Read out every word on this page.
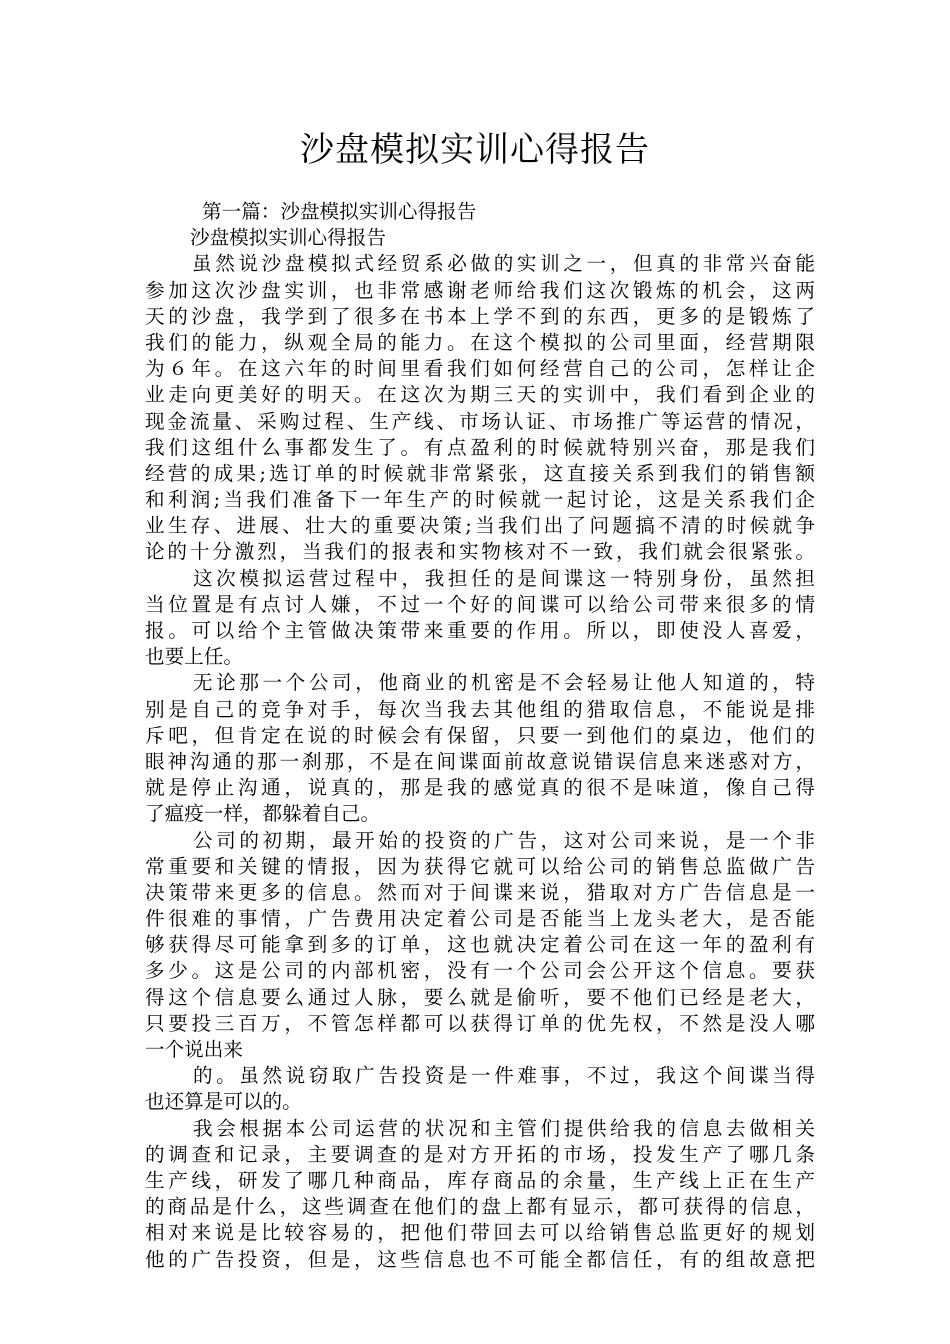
沙盘模拟实训心得报告
第一篇：沙盘模拟实训心得报告
沙盘模拟实训心得报告
虽然说沙盘模拟式经贸系必做的实训之一，但真的非常兴奋能
参加这次沙盘实训，也非常感谢老师给我们这次锻炼的机会，这两
天的沙盘，我学到了很多在书本上学不到的东西，更多的是锻炼了
我们的能力，纵观全局的能力。在这个模拟的公司里面，经营期限
为６年。在这六年的时间里看我们如何经营自己的公司，怎样让企
业走向更美好的明天。在这次为期三天的实训中，我们看到企业的
现金流量、采购过程、生产线、市场认证、市场推广等运营的情况，
我们这组什么事都发生了。有点盈利的时候就特别兴奋，那是我们
经营的成果;选订单的时候就非常紧张，这直接关系到我们的销售额
和利润;当我们准备下一年生产的时候就一起讨论，这是关系我们企
业生存、进展、壮大的重要决策;当我们出了问题搞不清的时候就争
论的十分激烈，当我们的报表和实物核对不一致，我们就会很紧张。
这次模拟运营过程中，我担任的是间谍这一特别身份，虽然担
当位置是有点讨人嫌，不过一个好的间谍可以给公司带来很多的情
报。可以给个主管做决策带来重要的作用。所以，即使没人喜爱，
也要上任。
无论那一个公司，他商业的机密是不会轻易让他人知道的，特
别是自己的竞争对手，每次当我去其他组的猎取信息，不能说是排
斥吧，但肯定在说的时候会有保留，只要一到他们的桌边，他们的
眼神沟通的那一刹那，不是在间谍面前故意说错误信息来迷惑对方，
就是停止沟通，说真的，那是我的感觉真的很不是味道，像自己得
了瘟疫一样，都躲着自己。
公司的初期，最开始的投资的广告，这对公司来说，是一个非
常重要和关键的情报，因为获得它就可以给公司的销售总监做广告
决策带来更多的信息。然而对于间谍来说，猎取对方广告信息是一
件很难的事情，广告费用决定着公司是否能当上龙头老大，是否能
够获得尽可能拿到多的订单，这也就决定着公司在这一年的盈利有
多少。这是公司的内部机密，没有一个公司会公开这个信息。要获
得这个信息要么通过人脉，要么就是偷听，要不他们已经是老大，
只要投三百万，不管怎样都可以获得订单的优先权，不然是没人哪
一个说出来
的。虽然说窃取广告投资是一件难事，不过，我这个间谍当得
也还算是可以的。
我会根据本公司运营的状况和主管们提供给我的信息去做相关
的调查和记录，主要调查的是对方开拓的市场，投发生产了哪几条
生产线，研发了哪几种商品，库存商品的余量，生产线上正在生产
的商品是什么，这些调查在他们的盘上都有显示，都可获得的信息，
相对来说是比较容易的，把他们带回去可以给销售总监更好的规划
他的广告投资，但是，这些信息也不可能全都信任，有的组故意把
